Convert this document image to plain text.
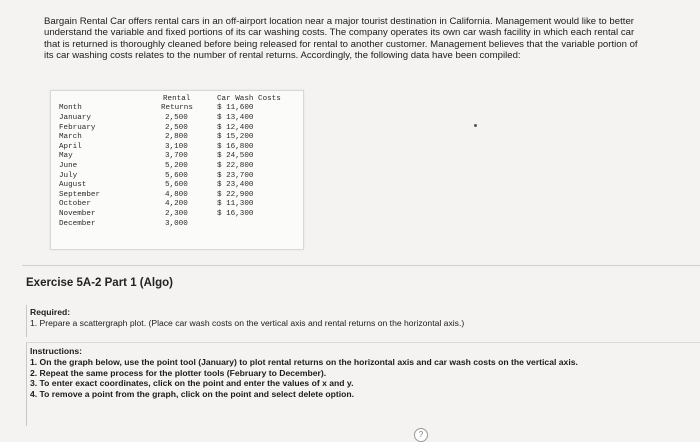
Bargain Rental Car offers rental cars in an off-airport location near a major tourist destination in California. Management would like to better understand the variable and fixed portions of its car washing costs. The company operates its own car wash facility in which each rental car that is returned is thoroughly cleaned before being released for rental to another customer. Management believes that the variable portion of its car washing costs relates to the number of rental returns. Accordingly, the following data have been compiled:
Month
January
February
March
April
May
June
July
August
September
October
November
December
Rental
Returns
2,500
2,500
2,800
3,100
3,700
5,200
5,600
5,600
4,800
4,200
2,300
3,000
Car Wash Costs
$ 11,600
$ 13,400
$ 12,400
$ 15,200
$ 16,800
$ 24,500
$ 22,800
$ 23,700
$ 23,400
$ 22,900
$ 11,300
$ 16,300
Exercise 5A-2 Part 1 (Algo)
Required:
1. Prepare a scattergraph plot. (Place car wash costs on the vertical axis and rental returns on the horizontal axis.)
Instructions:
1. On the graph below, use the point tool (January) to plot rental returns on the horizontal axis and car wash costs on the vertical axis.
2. Repeat the same process for the plotter tools (February to December).
3. To enter exact coordinates, click on the point and enter the values of x and y.
4. To remove a point from the graph, click on the point and select delete option.
?
